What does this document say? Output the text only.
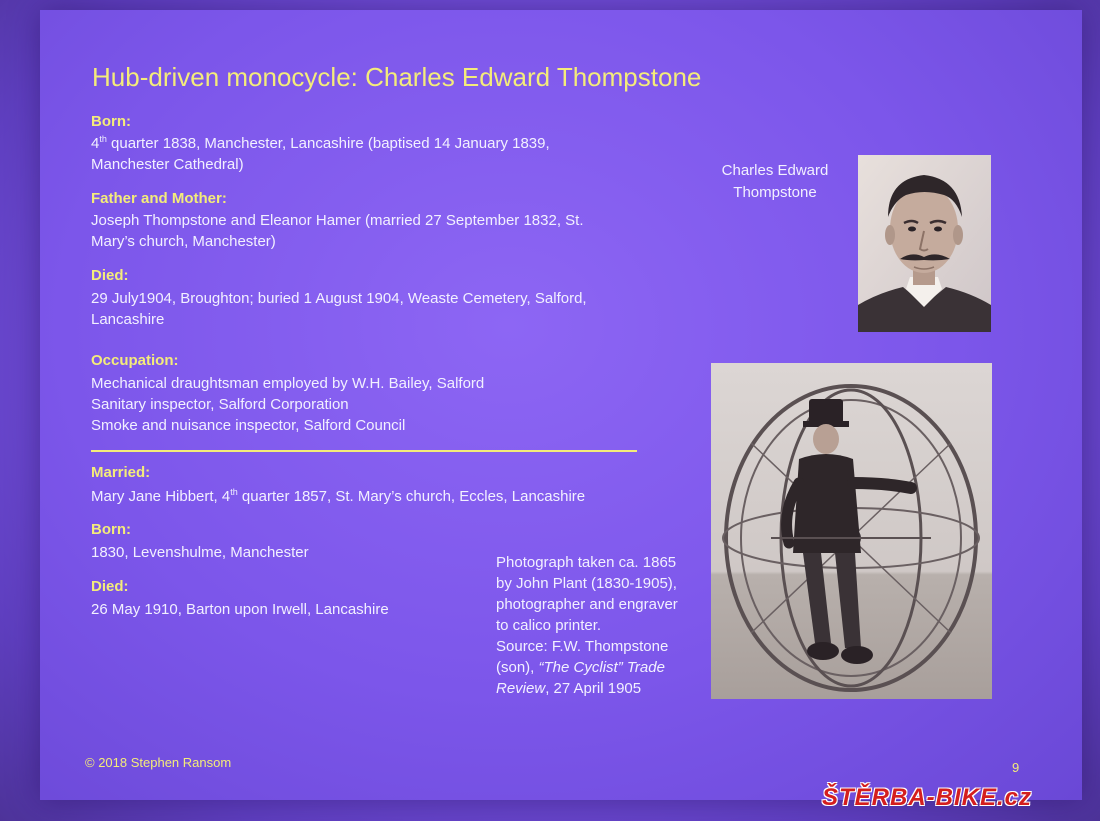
Hub-driven monocycle: Charles Edward Thompstone
Born:
4th quarter 1838, Manchester, Lancashire (baptised 14 January 1839,
Manchester Cathedral)
Father and Mother:
Joseph Thompstone and Eleanor Hamer (married 27 September 1832, St.
Mary’s church, Manchester)
Died:
29 July1904, Broughton; buried 1 August 1904, Weaste Cemetery, Salford,
Lancashire
Occupation:
Mechanical draughtsman employed by W.H. Bailey, Salford
Sanitary inspector, Salford Corporation
Smoke and nuisance inspector, Salford Council
Married:
Mary Jane Hibbert, 4th quarter 1857, St. Mary’s church, Eccles, Lancashire
Born:
1830, Levenshulme, Manchester
Died:
26 May 1910, Barton upon Irwell, Lancashire
Charles Edward
Thompstone
Photograph taken ca. 1865
by John Plant (1830-1905),
photographer and engraver
to calico printer.
Source: F.W. Thompstone
(son), “The Cyclist” Trade
Review, 27 April 1905
© 2018 Stephen Ransom	9
ŠTĚRBA-BIKE.cz
